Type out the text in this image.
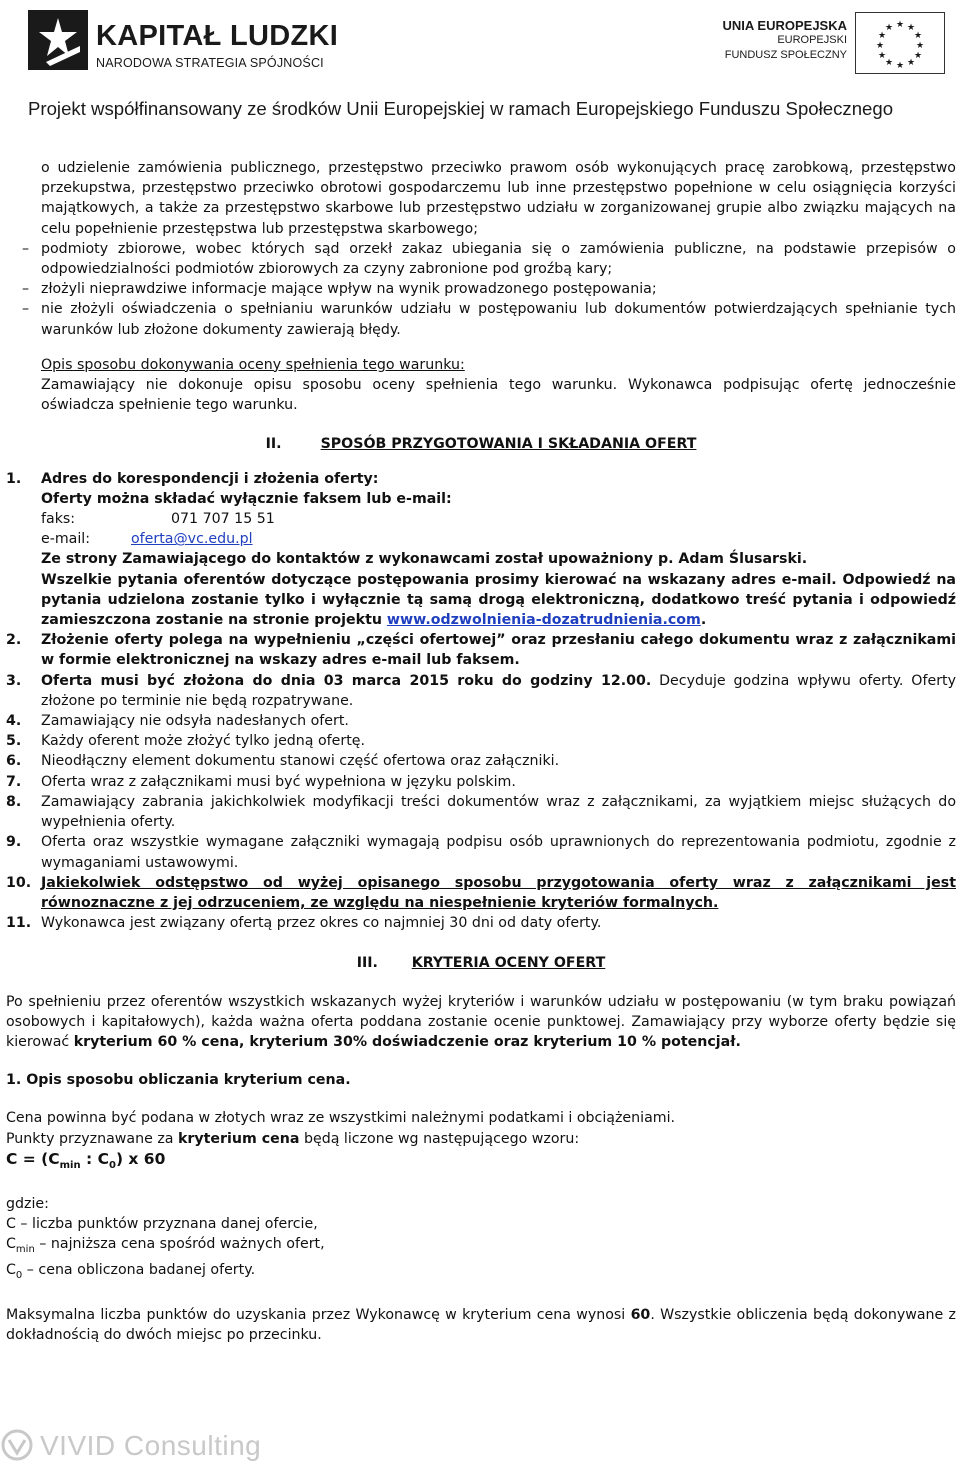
KAPITAŁ LUDZKI
NARODOWA STRATEGIA SPÓJNOŚCI
UNIA EUROPEJSKA
EUROPEJSKI
FUNDUSZ SPOŁECZNY
★ ★
★
★
★
★
★
★
★
★
★
★
Projekt współfinansowany ze środków Unii Europejskiej w ramach Europejskiego Funduszu Społecznego

o udzielenie zamówienia publicznego, przestępstwo przeciwko prawom osób wykonujących pracę zarobkową, przestępstwo przekupstwa, przestępstwo przeciwko obrotowi gospodarczemu lub inne przestępstwo popełnione w celu osiągnięcia korzyści majątkowych, a także za przestępstwo skarbowe lub przestępstwo udziału w zorganizowanej grupie albo związku mających na celu popełnienie przestępstwa lub przestępstwa skarbowego;

– podmioty zbiorowe, wobec których sąd orzekł zakaz ubiegania się o zamówienia publiczne, na podstawie przepisów o odpowiedzialności podmiotów zbiorowych za czyny zabronione pod groźbą kary;

– złożyli nieprawdziwe informacje mające wpływ na wynik prowadzonego postępowania;

– nie złożyli oświadczenia o spełnianiu warunków udziału w postępowaniu lub dokumentów potwierdzających spełnianie tych warunków lub złożone dokumenty zawierają błędy.

Opis sposobu dokonywania oceny spełnienia tego warunku:

Zamawiający nie dokonuje opisu sposobu oceny spełnienia tego warunku. Wykonawca podpisując ofertę jednocześnie oświadcza spełnienie tego warunku.

II.	SPOSÓB PRZYGOTOWANIA I SKŁADANIA OFERT

1. Adres do korespondencji i złożenia oferty:
Oferty można składać wyłącznie faksem lub e-mail:
faks:	071 707 15 51
e-mail:	oferta@vc.edu.pl
Ze strony Zamawiającego do kontaktów z wykonawcami został upoważniony p. Adam Ślusarski.
Wszelkie pytania oferentów dotyczące postępowania prosimy kierować na wskazany adres e-mail. Odpowiedź na pytania udzielona zostanie tylko i wyłącznie tą samą drogą elektroniczną, dodatkowo treść pytania i odpowiedź zamieszczona zostanie na stronie projektu www.odzwolnienia-dozatrudnienia.com.
2. Złożenie oferty polega na wypełnieniu „części ofertowej” oraz przesłaniu całego dokumentu wraz z załącznikami w formie elektronicznej na wskazy adres e-mail lub faksem.
3. Oferta musi być złożona do dnia 03 marca 2015 roku do godziny 12.00. Decyduje godzina wpływu oferty. Oferty złożone po terminie nie będą rozpatrywane.
4. Zamawiający nie odsyła nadesłanych ofert.
5. Każdy oferent może złożyć tylko jedną ofertę.
6. Nieodłączny element dokumentu stanowi część ofertowa oraz załączniki.
7. Oferta wraz z załącznikami musi być wypełniona w języku polskim.
8. Zamawiający zabrania jakichkolwiek modyfikacji treści dokumentów wraz z załącznikami, za wyjątkiem miejsc służących do wypełnienia oferty.
9. Oferta oraz wszystkie wymagane załączniki wymagają podpisu osób uprawnionych do reprezentowania podmiotu, zgodnie z wymaganiami ustawowymi.
10. Jakiekolwiek odstępstwo od wyżej opisanego sposobu przygotowania oferty wraz z załącznikami jest równoznaczne z jej odrzuceniem, ze względu na niespełnienie kryteriów formalnych.
11. Wykonawca jest związany ofertą przez okres co najmniej 30 dni od daty oferty.

III. KRYTERIA OCENY OFERT

Po spełnieniu przez oferentów wszystkich wskazanych wyżej kryteriów i warunków udziału w postępowaniu (w tym braku powiązań osobowych i kapitałowych), każda ważna oferta poddana zostanie ocenie punktowej. Zamawiający przy wyborze oferty będzie się kierować kryterium 60 % cena, kryterium 30% doświadczenie oraz kryterium 10 % potencjał.

1. Opis sposobu obliczania kryterium cena.

Cena powinna być podana w złotych wraz ze wszystkimi należnymi podatkami i obciążeniami.

Punkty przyznawane za kryterium cena będą liczone wg następującego wzoru:

$C = (C_{min}$ : $C_0$) x 60

gdzie:

C – liczba punktów przyznana danej ofercie,

$C_{min}$ – najniższa cena spośród ważnych ofert,

$C_0$ – cena obliczona badanej oferty.

Maksymalna liczba punktów do uzyskania przez Wykonawcę w kryterium cena wynosi 60. Wszystkie obliczenia będą dokonywane z dokładnością do dwóch miejsc po przecinku.

VIVID Consulting
